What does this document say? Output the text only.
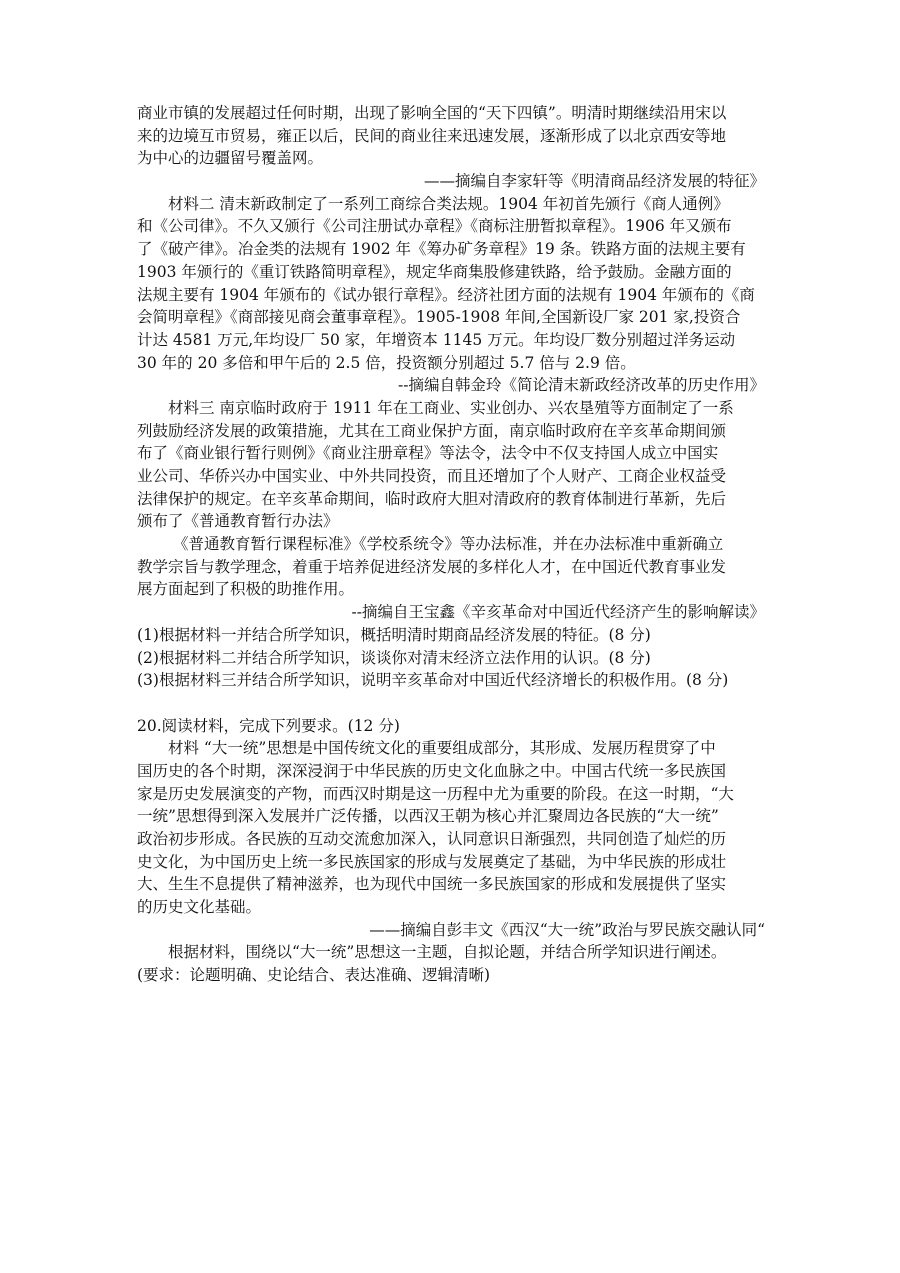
商业市镇的发展超过任何时期，出现了影响全国的“天下四镇”。明清时期继续沿用宋以
来的边境互市贸易，雍正以后，民间的商业往来迅速发展，逐渐形成了以北京西安等地
为中心的边疆留号覆盖网。
——摘编自李家轩等《明清商品经济发展的特征》
材料二 清末新政制定了一系列工商综合类法规。1904 年初首先颁行《商人通例》
和《公司律》。不久又颁行《公司注册试办章程》《商标注册暂拟章程》。1906 年又颁布
了《破产律》。冶金类的法规有 1902 年《筹办矿务章程》19 条。铁路方面的法规主要有
1903 年颁行的《重订铁路简明章程》，规定华商集股修建铁路，给予鼓励。金融方面的
法规主要有 1904 年颁布的《试办银行章程》。经济社团方面的法规有 1904 年颁布的《商
会简明章程》《商部接见商会董事章程》。1905-1908 年间,全国新设厂家 201 家,投资合
计达 4581 万元,年均设厂 50 家，年增资本 1145 万元。年均设厂数分别超过洋务运动
30 年的 20 多倍和甲午后的 2.5 倍，投资额分别超过 5.7 倍与 2.9 倍。
--摘编自韩金玲《简论清末新政经济改革的历史作用》
材料三 南京临时政府于 1911 年在工商业、实业创办、兴农垦殖等方面制定了一系
列鼓励经济发展的政策措施，尤其在工商业保护方面，南京临时政府在辛亥革命期间颁
布了《商业银行暂行则例》《商业注册章程》等法令，法令中不仅支持国人成立中国实
业公司、华侨兴办中国实业、中外共同投资，而且还增加了个人财产、工商企业权益受
法律保护的规定。在辛亥革命期间，临时政府大胆对清政府的教育体制进行革新，先后
颁布了《普通教育暂行办法》
《普通教育暂行课程标准》《学校系统令》等办法标准，并在办法标准中重新确立
教学宗旨与教学理念，着重于培养促进经济发展的多样化人才，在中国近代教育事业发
展方面起到了积极的助推作用。
--摘编自王宝鑫《辛亥革命对中国近代经济产生的影响解读》
(1)根据材料一并结合所学知识，概括明清时期商品经济发展的特征。(8 分)
(2)根据材料二并结合所学知识，谈谈你对清末经济立法作用的认识。(8 分)
(3)根据材料三并结合所学知识，说明辛亥革命对中国近代经济增长的积极作用。(8 分)
20.阅读材料，完成下列要求。(12 分)
材料 “大一统”思想是中国传统文化的重要组成部分，其形成、发展历程贯穿了中
国历史的各个时期，深深浸润于中华民族的历史文化血脉之中。中国古代统一多民族国
家是历史发展演变的产物，而西汉时期是这一历程中尤为重要的阶段。在这一时期，“大
一统”思想得到深入发展并广泛传播，以西汉王朝为核心并汇聚周边各民族的“大一统”
政治初步形成。各民族的互动交流愈加深入，认同意识日渐强烈，共同创造了灿烂的历
史文化，为中国历史上统一多民族国家的形成与发展奠定了基础，为中华民族的形成壮
大、生生不息提供了精神滋养，也为现代中国统一多民族国家的形成和发展提供了坚实
的历史文化基础。
——摘编自彭丰文《西汉“大一统”政治与罗民族交融认同“
根据材料，围绕以“大一统”思想这一主题，自拟论题，并结合所学知识进行阐述。
(要求：论题明确、史论结合、表达准确、逻辑清晰)
